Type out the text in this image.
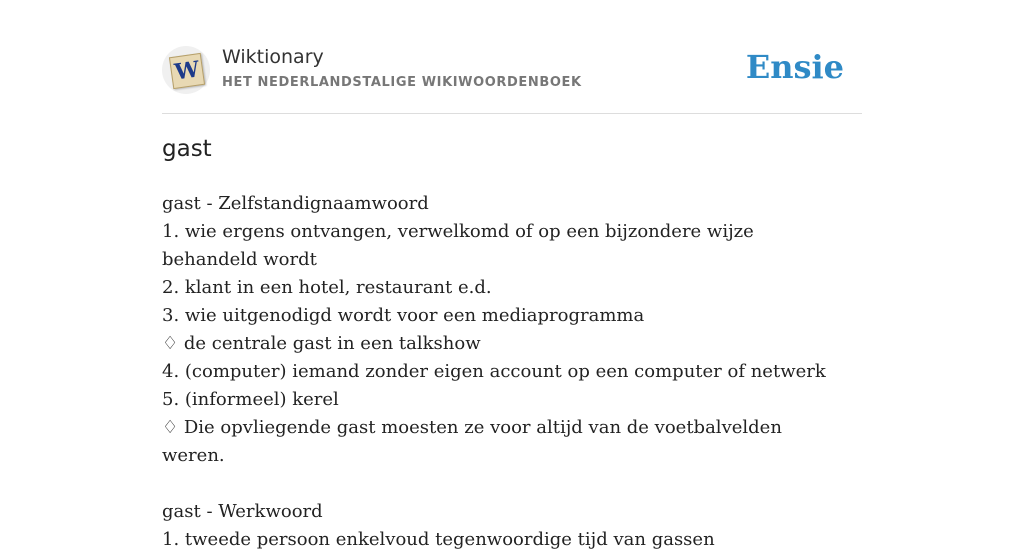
W Wiktionary
HET NEDERLANDSTALIGE WIKIWOORDENBOEK	Ensie
gast
gast - Zelfstandignaamwoord
1. wie ergens ontvangen, verwelkomd of op een bijzondere wijze behandeld wordt
2. klant in een hotel, restaurant e.d.
3. wie uitgenodigd wordt voor een mediaprogramma
♢ de centrale gast in een talkshow
4. (computer) iemand zonder eigen account op een computer of netwerk
5. (informeel) kerel
♢ Die opvliegende gast moesten ze voor altijd van de voetbalvelden weren.
gast - Werkwoord
1. tweede persoon enkelvoud tegenwoordige tijd van gassen
